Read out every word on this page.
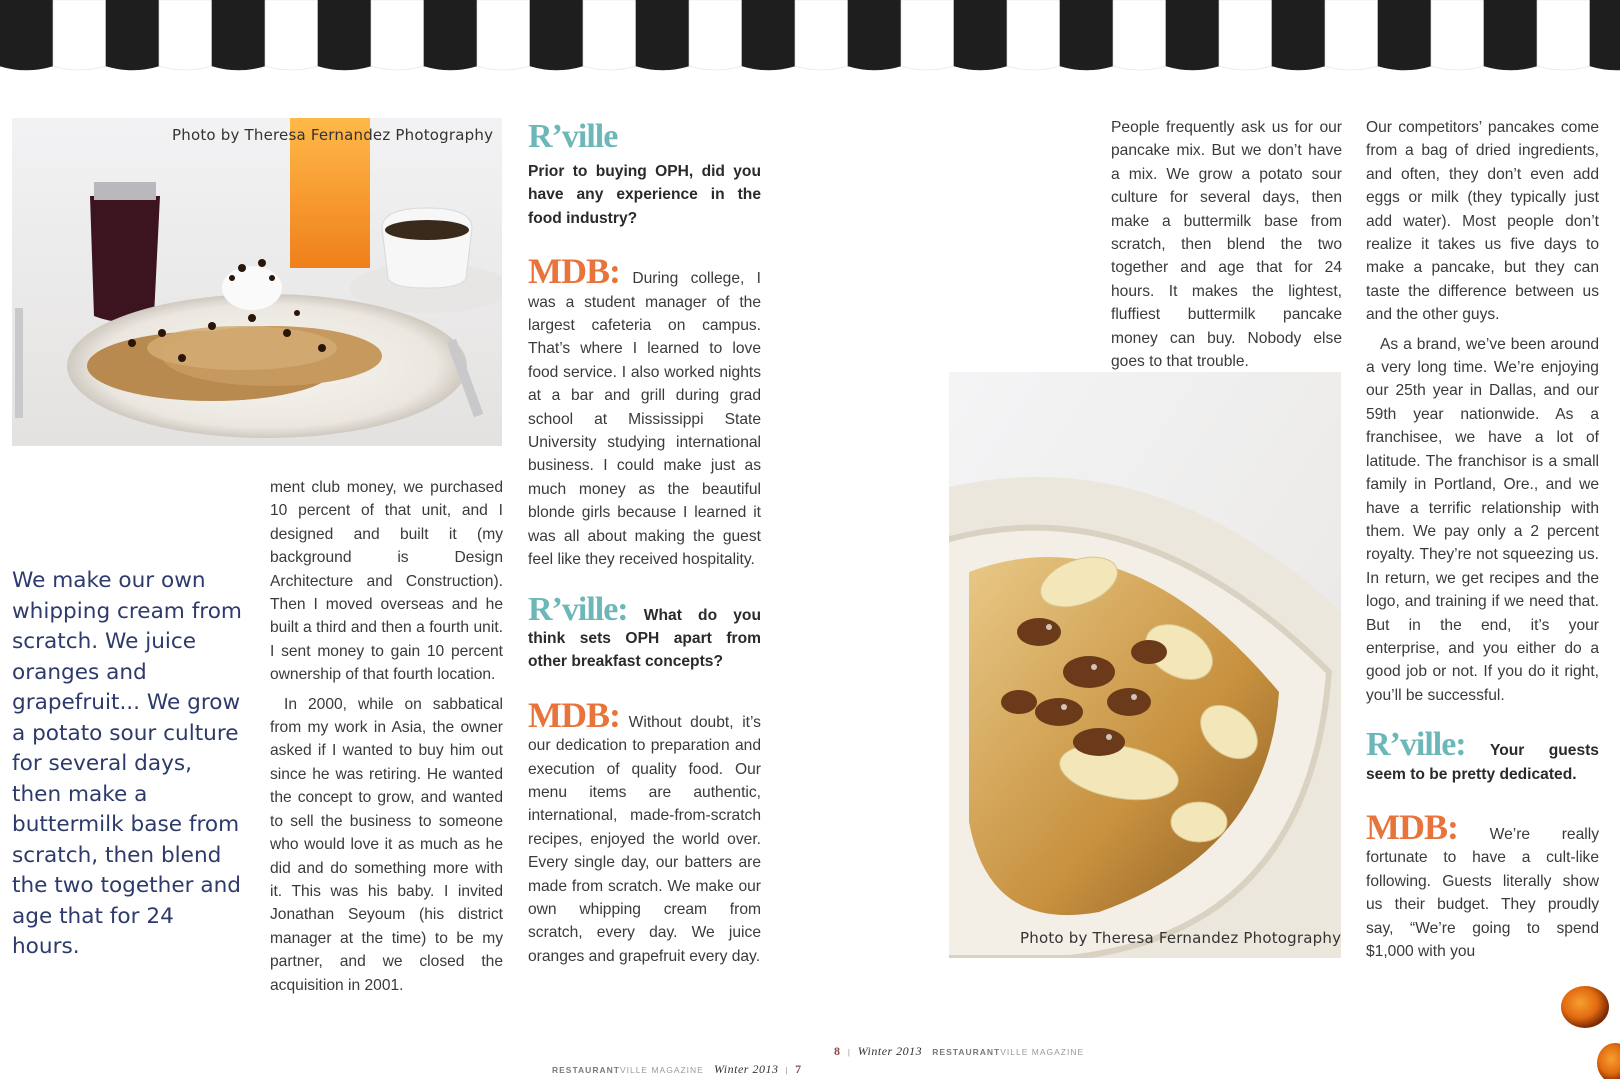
Photo by Theresa Fernandez Photography
We make our own whipping cream from scratch. We juice oranges and grapefruit... We grow a potato sour culture for several days, then make a buttermilk base from scratch, then blend the two together and age that for 24 hours.

ment club money, we purchased 10 percent of that unit, and I designed and built it (my background is Design Architecture and Construction). Then I moved overseas and he built a third and then a fourth unit. I sent money to gain 10 percent ownership of that fourth location.

In 2000, while on sabbatical from my work in Asia, the owner asked if I wanted to buy him out since he was retiring. He wanted the concept to grow, and wanted to sell the business to someone who would love it as much as he did and do something more with it. This was his baby. I invited Jonathan Seyoum (his district manager at the time) to be my partner, and we closed the acquisition in 2001.

R’ville
Prior to buying OPH, did you have any experience in the food industry?
MDB: During college, I was a student manager of the largest cafeteria on campus. That’s where I learned to love food service. I also worked nights at a bar and grill during grad school at Mississippi State University studying international business. I could make just as much money as the beautiful blonde girls because I learned it was all about making the guest feel like they received hospitality.
R’ville: What do you think sets OPH apart from other breakfast concepts?
MDB: Without doubt, it’s our dedication to preparation and execution of quality food. Our menu items are authentic, international, made-from-scratch recipes, enjoyed the world over. Every single day, our batters are made from scratch. We make our own whipping cream from scratch, every day. We juice oranges and grapefruit every day.
RESTAURANTVILLE MAGAZINE Winter 2013 | 7

People frequently ask us for our pancake mix. But we don’t have a mix. We grow a potato sour culture for several days, then make a buttermilk base from scratch, then blend the two together and age that for 24 hours. It makes the lightest, fluffiest buttermilk pancake money can buy. Nobody else goes to that trouble.

Photo by Theresa Fernandez Photography

Our competitors’ pancakes come from a bag of dried ingredients, and often, they don’t even add eggs or milk (they typically just add water). Most people don’t realize it takes us five days to make a pancake, but they can taste the difference between us and the other guys.

As a brand, we’ve been around a very long time. We’re enjoying our 25th year in Dallas, and our 59th year nationwide. As a franchisee, we have a lot of latitude. The franchisor is a small family in Portland, Ore., and we have a terrific relationship with them. We pay only a 2 percent royalty. They’re not squeezing us. In return, we get recipes and the logo, and training if we need that. But in the end, it’s your enterprise, and you either do a good job or not. If you do it right, you’ll be successful.

R’ville: Your guests seem to be pretty dedicated.
MDB: We’re really fortunate to have a cult-like following. Guests literally show us their budget. They proudly say, “We’re going to spend $1,000 with you
8 | Winter 2013 RESTAURANTVILLE MAGAZINE
